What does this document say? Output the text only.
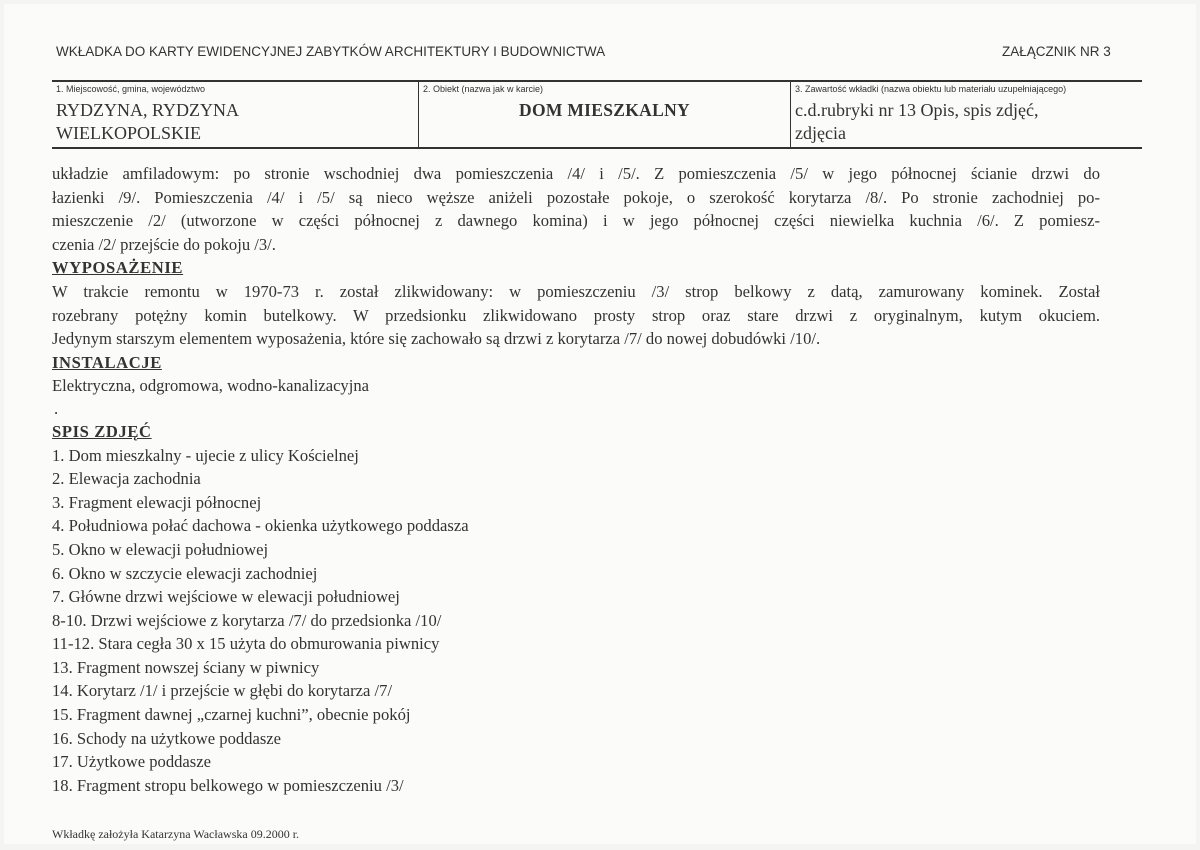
WKŁADKA DO KARTY EWIDENCYJNEJ ZABYTKÓW ARCHITEKTURY I BUDOWNICTWA	ZAŁĄCZNIK NR 3
1. Miejscowość, gmina, województwo
RYDZYNA, RYDZYNA
WIELKOPOLSKIE
2. Obiekt (nazwa jak w karcie)
DOM MIESZKALNY
3. Zawartość wkładki (nazwa obiektu lub materiału uzupełniającego)
c.d.rubryki nr 13 Opis, spis zdjęć,
zdjęcia
układzie amfiladowym: po stronie wschodniej dwa pomieszczenia /4/ i /5/. Z pomieszczenia /5/ w jego północnej ścianie drzwi do
łazienki /9/. Pomieszczenia /4/ i /5/ są nieco węższe aniżeli pozostałe pokoje, o szerokość korytarza /8/. Po stronie zachodniej po-
mieszczenie /2/ (utworzone w części północnej z dawnego komina) i w jego północnej części niewielka kuchnia /6/. Z pomiesz-
czenia /2/ przejście do pokoju /3/.
WYPOSAŻENIE
W trakcie remontu w 1970-73 r. został zlikwidowany: w pomieszczeniu /3/ strop belkowy z datą, zamurowany kominek. Został
rozebrany potężny komin butelkowy. W przedsionku zlikwidowano prosty strop oraz stare drzwi z oryginalnym, kutym okuciem.
Jedynym starszym elementem wyposażenia, które się zachowało są drzwi z korytarza /7/ do nowej dobudówki /10/.
INSTALACJE
Elektryczna, odgromowa, wodno-kanalizacyjna
.
SPIS ZDJĘĆ
1. Dom mieszkalny - ujecie z ulicy Kościelnej
2. Elewacja zachodnia
3. Fragment elewacji północnej
4. Południowa połać dachowa - okienka użytkowego poddasza
5. Okno w elewacji południowej
6. Okno w szczycie elewacji zachodniej
7. Główne drzwi wejściowe w elewacji południowej
8-10. Drzwi wejściowe z korytarza /7/ do przedsionka /10/
11-12. Stara cegła 30 x 15 użyta do obmurowania piwnicy
13. Fragment nowszej ściany w piwnicy
14. Korytarz /1/ i przejście w głębi do korytarza /7/
15. Fragment dawnej „czarnej kuchni”, obecnie pokój
16. Schody na użytkowe poddasze
17. Użytkowe poddasze
18. Fragment stropu belkowego w pomieszczeniu /3/
Wkładkę założyła Katarzyna Wacławska 09.2000 r.
